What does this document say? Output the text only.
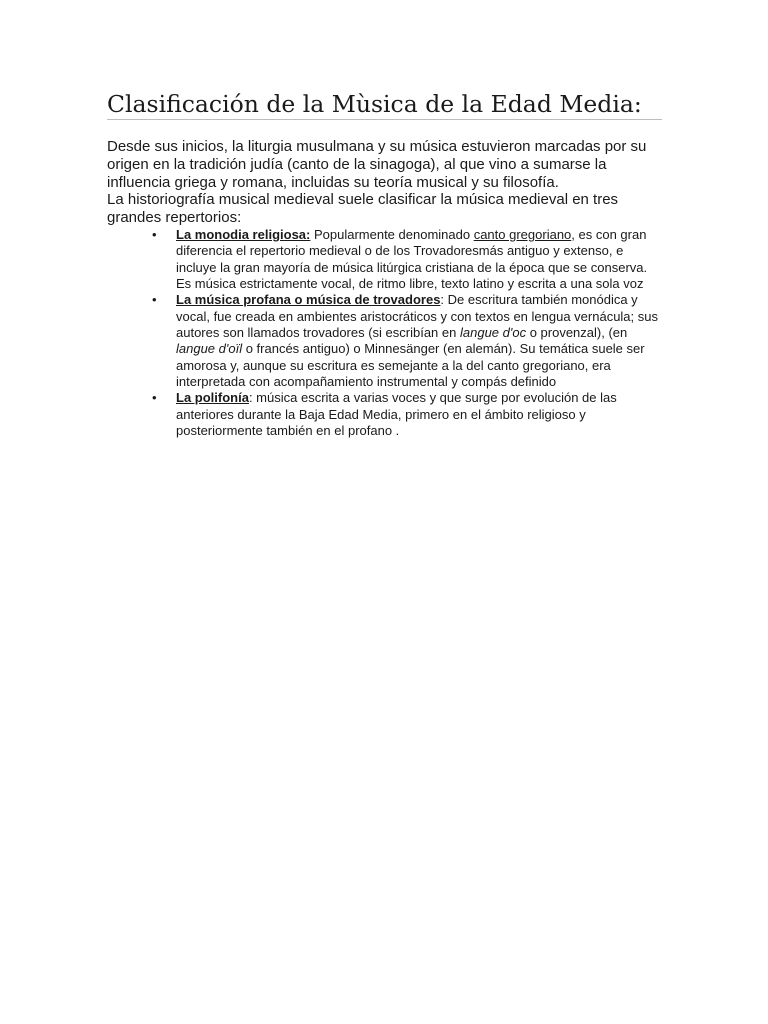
Clasificación de la Mùsica de la Edad Media:

Desde sus inicios, la liturgia musulmana y su música estuvieron marcadas por su origen en la tradición judía (canto de la sinagoga), al que vino a sumarse la influencia griega y romana, incluidas su teoría musical y su filosofía.

La historiografía musical medieval suele clasificar la música medieval en tres grandes repertorios:

• La monodia religiosa: Popularmente denominado canto gregoriano, es con gran diferencia el repertorio medieval o de los Trovadoresmás antiguo y extenso, e incluye la gran mayoría de música litúrgica cristiana de la época que se conserva. Es música estrictamente vocal, de ritmo libre, texto latino y escrita a una sola voz
• La música profana o música de trovadores: De escritura también monódica y vocal, fue creada en ambientes aristocráticos y con textos en lengua vernácula; sus autores son llamados trovadores (si escribían en langue d'oc o provenzal), (en langue d'oïl o francés antiguo) o Minnesänger (en alemán). Su temática suele ser amorosa y, aunque su escritura es semejante a la del canto gregoriano, era interpretada con acompañamiento instrumental y compás definido
• La polifonía: música escrita a varias voces y que surge por evolución de las anteriores durante la Baja Edad Media, primero en el ámbito religioso y posteriormente también en el profano .
